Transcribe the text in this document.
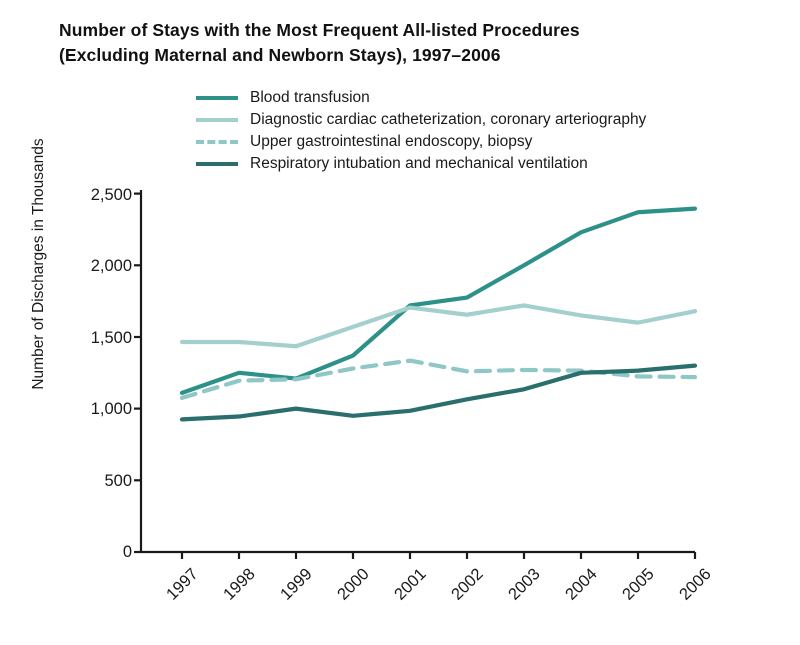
Number of Stays with the Most Frequent All-listed Procedures
(Excluding Maternal and Newborn Stays), 1997–2006
Blood transfusion
Diagnostic cardiac catheterization, coronary arteriography
Upper gastrointestinal endoscopy, biopsy
Respiratory intubation and mechanical ventilation
Number of Discharges in Thousands	2,500
2,000
1,500
1,000
500
0
1997	1998	1999	2000	2001	2002	2003	2004	2005	2006
